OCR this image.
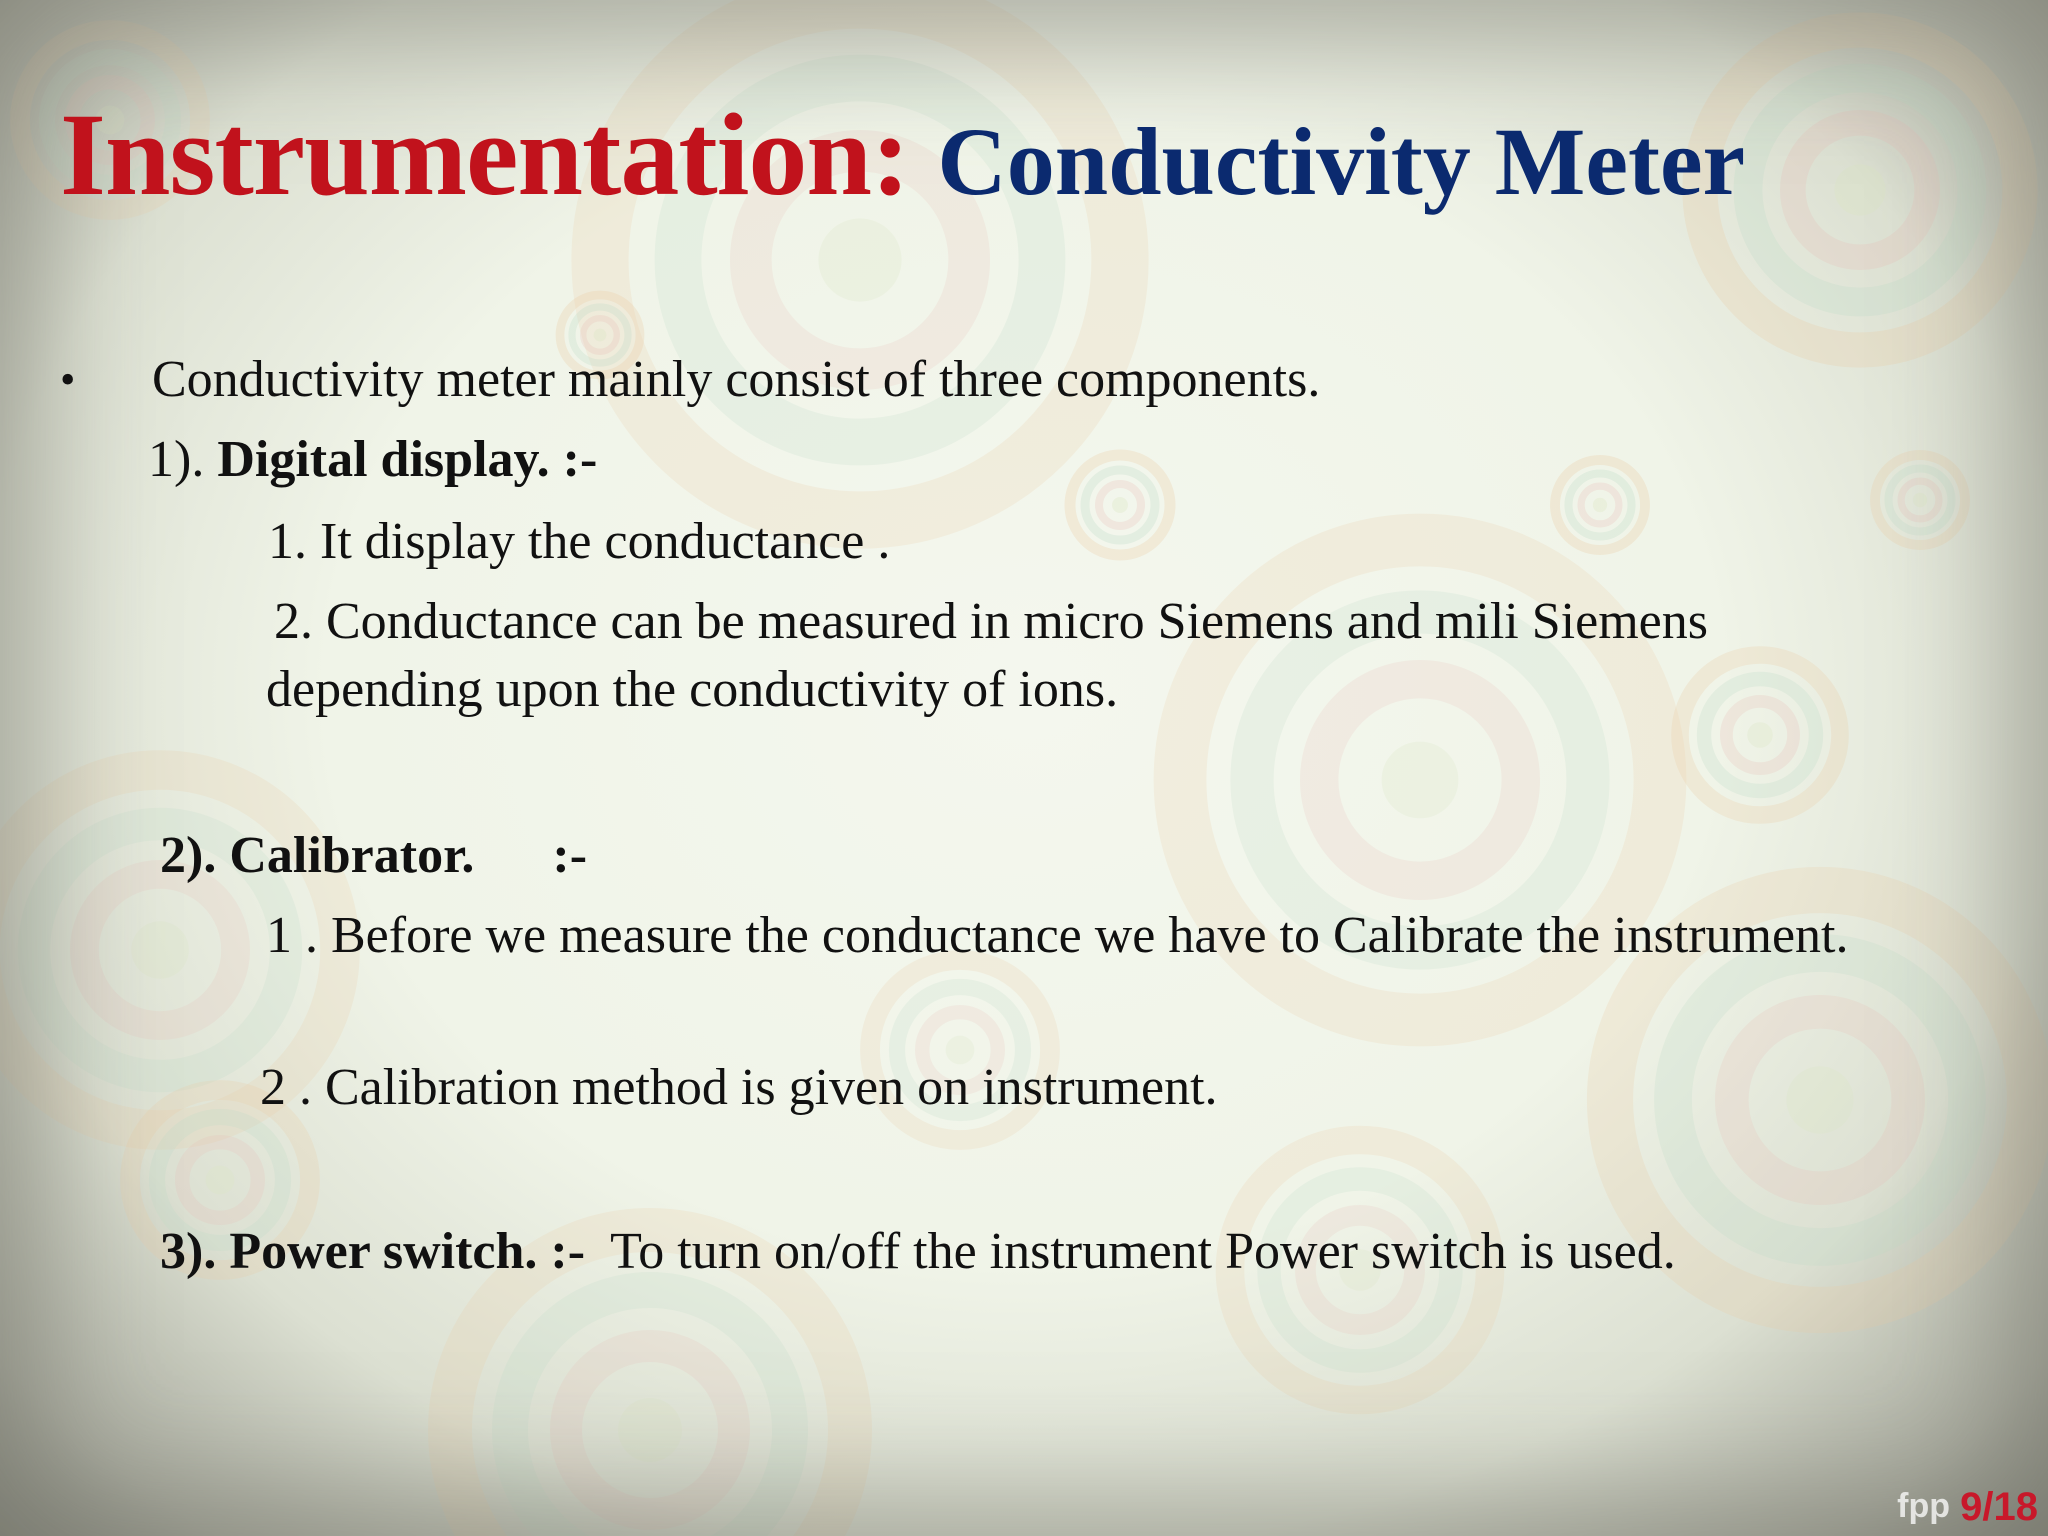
Instrumentation: Conductivity Meter
• Conductivity meter mainly consist of three components.

1). Digital display. :-

1. It display the conductance .

2. Conductance can be measured in micro Siemens and mili Siemens

depending upon the conductivity of ions.

2). Calibrator.      :-

1 . Before we measure the conductance we have to Calibrate the instrument.

2 . Calibration method is given on instrument.

3). Power switch. :- To turn on/off the instrument Power switch is used.

fpp 9/18
